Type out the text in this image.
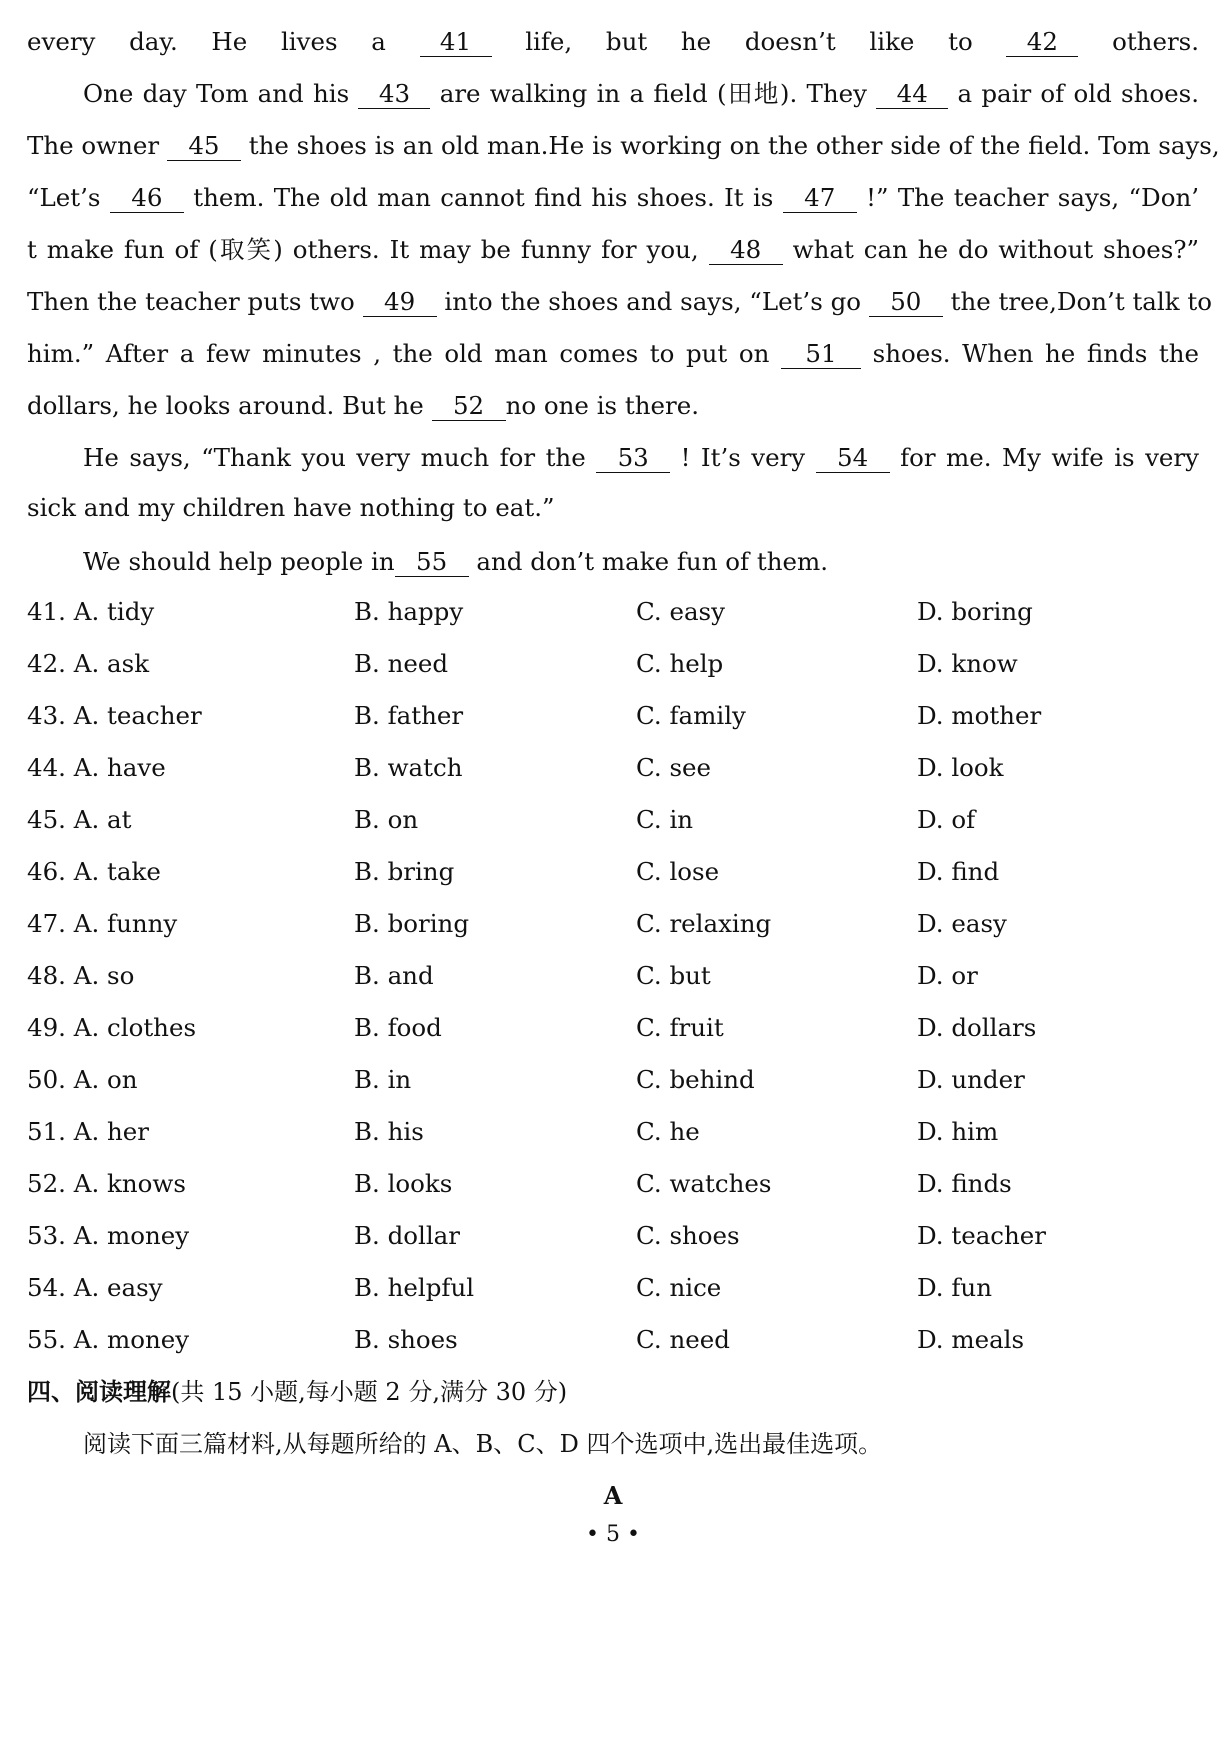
every day. He lives a 41 life, but he doesn’t like to 42 others.
One day Tom and his 43 are walking in a field (田地). They 44 a pair of old shoes.
The owner 45 the shoes is an old man.He is working on the other side of the field. Tom says,
“Let’s 46 them. The old man cannot find his shoes. It is 47 !” The teacher says, “Don’
t make fun of (取笑) others. It may be funny for you, 48 what can he do without shoes?”
Then the teacher puts two 49 into the shoes and says, “Let’s go 50 the tree,Don’t talk to
him.” After a few minutes , the old man comes to put on 51 shoes. When he finds the
dollars, he looks around. But he 52 no one is there.
He says, “Thank you very much for the 53 ! It’s very 54 for me. My wife is very
sick and my children have nothing to eat.”
We should help people in 55 and don’t make fun of them.
41. A. tidy	B. happy	C. easy	D. boring
42. A. ask	B. need	C. help	D. know
43. A. teacher	B. father	C. family	D. mother
44. A. have	B. watch	C. see	D. look
45. A. at	B. on	C. in	D. of
46. A. take	B. bring	C. lose	D. find
47. A. funny	B. boring	C. relaxing	D. easy
48. A. so	B. and	C. but	D. or
49. A. clothes	B. food	C. fruit	D. dollars
50. A. on	B. in	C. behind	D. under
51. A. her	B. his	C. he	D. him
52. A. knows	B. looks	C. watches	D. finds
53. A. money	B. dollar	C. shoes	D. teacher
54. A. easy	B. helpful	C. nice	D. fun
55. A. money	B. shoes	C. need	D. meals
四、阅读理解(共 15 小题,每小题 2 分,满分 30 分)
阅读下面三篇材料,从每题所给的 A、B、C、D 四个选项中,选出最佳选项。
A
• 5 •
